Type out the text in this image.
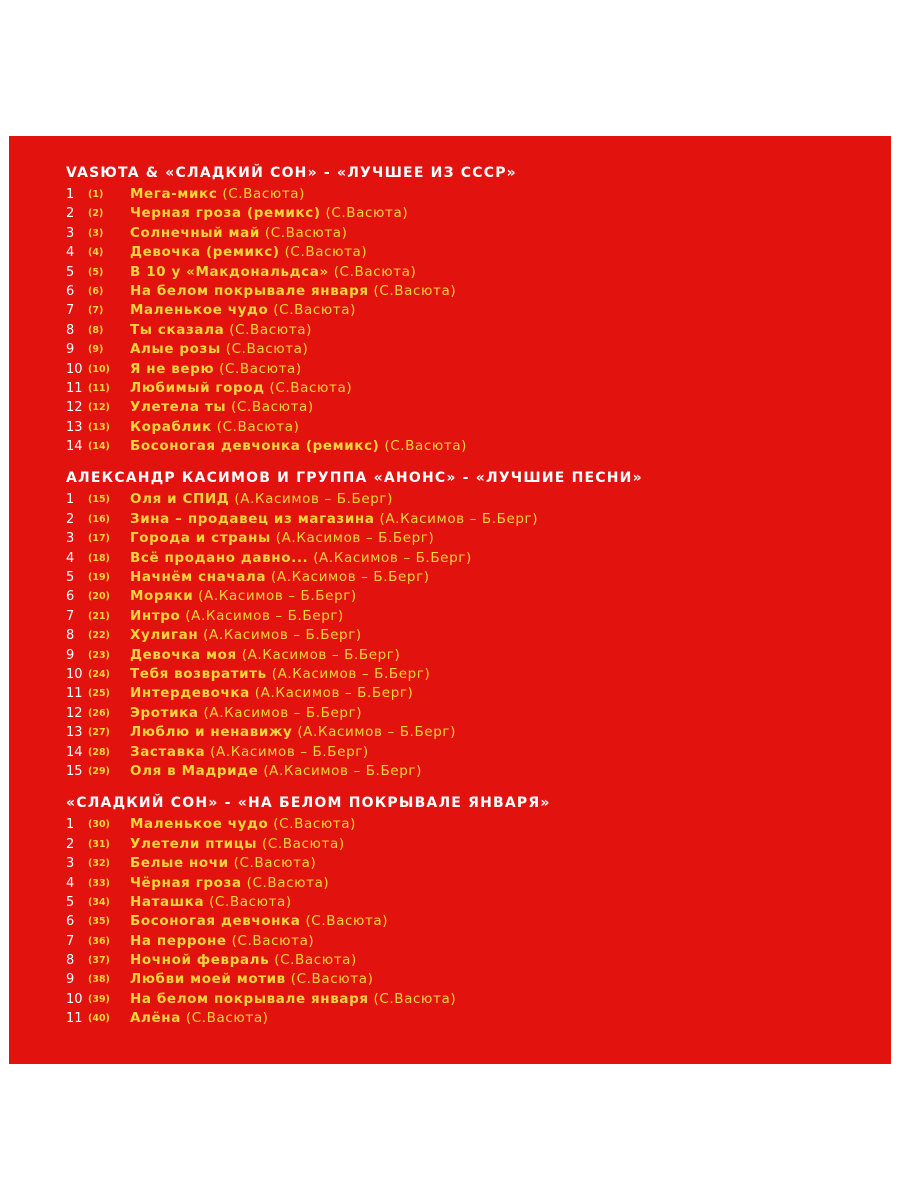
VASЮTA & «СЛАДКИЙ СОН» - «ЛУЧШЕЕ ИЗ СССР»
1	(1) Мега-микс (С.Васюта)
2	(2) Черная гроза (ремикс) (С.Васюта)
3	(3) Солнечный май (С.Васюта)
4	(4) Девочка (ремикс) (С.Васюта)
5	(5) В 10 у «Макдональдса» (С.Васюта)
6	(6) На белом покрывале января (С.Васюта)
7	(7) Маленькое чудо (С.Васюта)
8	(8) Ты сказала (С.Васюта)
9	(9) Алые розы (С.Васюта)
10 (10) Я не верю (С.Васюта)
11 (11) Любимый город (С.Васюта)
12 (12) Улетела ты (С.Васюта)
13 (13) Кораблик (С.Васюта)
14 (14) Босоногая девчонка (ремикс) (С.Васюта)
АЛЕКСАНДР КАСИМОВ И ГРУППА «АНОНС» - «ЛУЧШИЕ ПЕСНИ»
1	(15) Оля и СПИД (А.Касимов – Б.Берг)
2	(16) Зина – продавец из магазина (А.Касимов – Б.Берг)
3	(17) Города и страны (А.Касимов – Б.Берг)
4	(18) Всё продано давно... (А.Касимов – Б.Берг)
5	(19) Начнём сначала (А.Касимов – Б.Берг)
6	(20) Моряки (А.Касимов – Б.Берг)
7	(21) Интро (А.Касимов – Б.Берг)
8	(22) Хулиган (А.Касимов – Б.Берг)
9	(23) Девочка моя (А.Касимов – Б.Берг)
10 (24) Тебя возвратить (А.Касимов – Б.Берг)
11 (25) Интердевочка (А.Касимов – Б.Берг)
12 (26) Эротика (А.Касимов – Б.Берг)
13 (27) Люблю и ненавижу (А.Касимов – Б.Берг)
14 (28) Заставка (А.Касимов – Б.Берг)
15 (29) Оля в Мадриде (А.Касимов – Б.Берг)
«СЛАДКИЙ СОН» - «НА БЕЛОМ ПОКРЫВАЛЕ ЯНВАРЯ»
1	(30) Маленькое чудо (С.Васюта)
2	(31) Улетели птицы (С.Васюта)
3	(32) Белые ночи (С.Васюта)
4	(33) Чёрная гроза (С.Васюта)
5	(34) Наташка (С.Васюта)
6	(35) Босоногая девчонка (С.Васюта)
7	(36) На перроне (С.Васюта)
8	(37) Ночной февраль (С.Васюта)
9	(38) Любви моей мотив (С.Васюта)
10 (39) На белом покрывале января (С.Васюта)
11 (40) Алёна (С.Васюта)
